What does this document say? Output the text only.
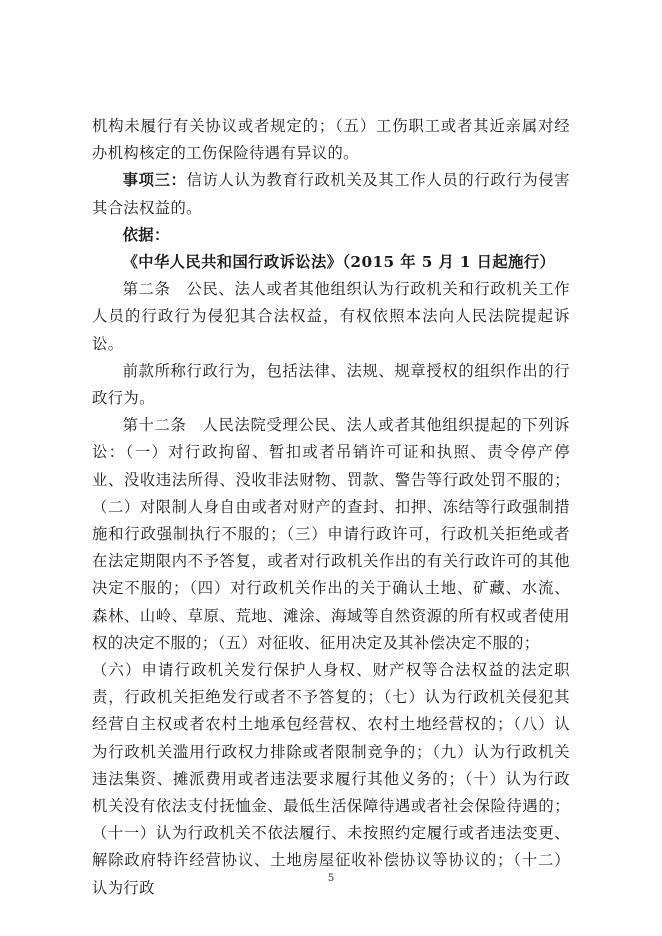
机构未履行有关协议或者规定的；（五）工伤职工或者其近亲属对经办机构核定的工伤保险待遇有异议的。

事项三：信访人认为教育行政机关及其工作人员的行政行为侵害其合法权益的。

依据：

《中华人民共和国行政诉讼法》（2015 年 5 月 1 日起施行）

第二条　公民、法人或者其他组织认为行政机关和行政机关工作人员的行政行为侵犯其合法权益，有权依照本法向人民法院提起诉讼。

前款所称行政行为，包括法律、法规、规章授权的组织作出的行政行为。

第十二条　人民法院受理公民、法人或者其他组织提起的下列诉讼：（一）对行政拘留、暂扣或者吊销许可证和执照、责令停产停业、没收违法所得、没收非法财物、罚款、警告等行政处罚不服的；（二）对限制人身自由或者对财产的查封、扣押、冻结等行政强制措施和行政强制执行不服的；（三）申请行政许可，行政机关拒绝或者在法定期限内不予答复，或者对行政机关作出的有关行政许可的其他决定不服的；（四）对行政机关作出的关于确认土地、矿藏、水流、森林、山岭、草原、荒地、滩涂、海域等自然资源的所有权或者使用权的决定不服的；（五）对征收、征用决定及其补偿决定不服的；

（六）申请行政机关发行保护人身权、财产权等合法权益的法定职责，行政机关拒绝发行或者不予答复的；（七）认为行政机关侵犯其经营自主权或者农村土地承包经营权、农村土地经营权的；（八）认为行政机关滥用行政权力排除或者限制竞争的；（九）认为行政机关违法集资、摊派费用或者违法要求履行其他义务的；（十）认为行政机关没有依法支付抚恤金、最低生活保障待遇或者社会保险待遇的；（十一）认为行政机关不依法履行、未按照约定履行或者违法变更、解除政府特许经营协议、土地房屋征收补偿协议等协议的；（十二）认为行政

5
